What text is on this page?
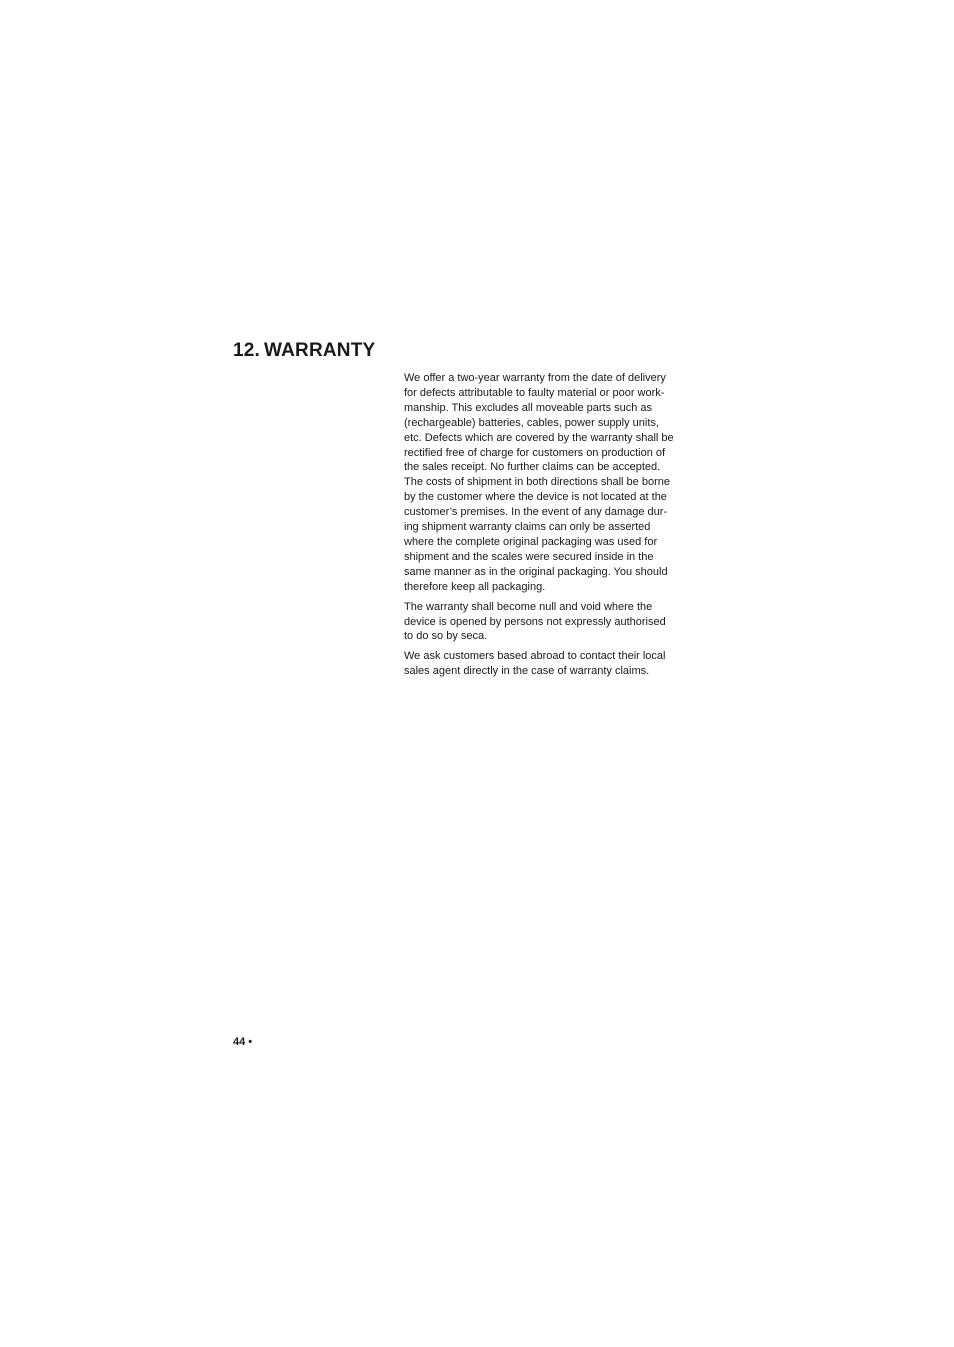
12. WARRANTY

We offer a two-year warranty from the date of delivery
for defects attributable to faulty material or poor work-
manship. This excludes all moveable parts such as
(rechargeable) batteries, cables, power supply units,
etc. Defects which are covered by the warranty shall be
rectified free of charge for customers on production of
the sales receipt. No further claims can be accepted.
The costs of shipment in both directions shall be borne
by the customer where the device is not located at the
customer’s premises. In the event of any damage dur-
ing shipment warranty claims can only be asserted
where the complete original packaging was used for
shipment and the scales were secured inside in the
same manner as in the original packaging. You should
therefore keep all packaging.

The warranty shall become null and void where the
device is opened by persons not expressly authorised
to do so by seca.

We ask customers based abroad to contact their local
sales agent directly in the case of warranty claims.

44 •
